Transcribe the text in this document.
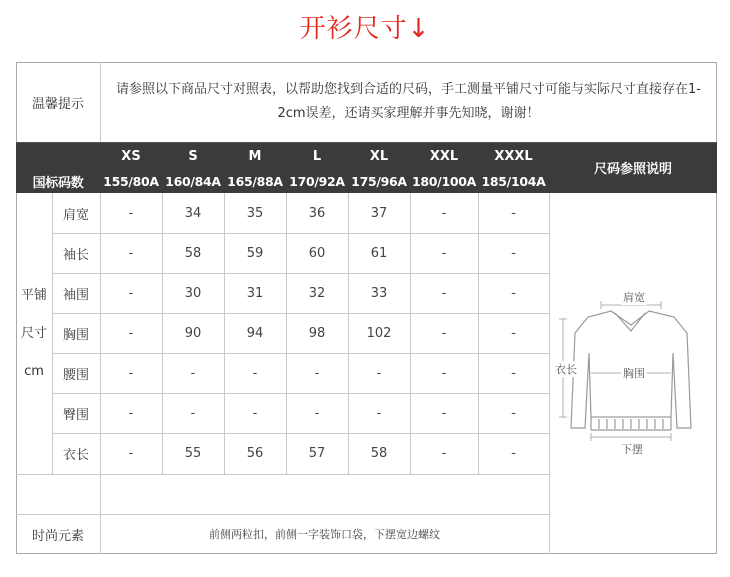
开衫尺寸↓
温馨提示
请参照以下商品尺寸对照表，以帮助您找到合适的尺码，手工测量平铺尺寸可能与实际尺寸直接存在1-2cm误差，还请买家理解并事先知晓，谢谢！
尺码参照说明
国标码数
XS	S	M	L	XL	XXL	XXXL
155/80A 160/84A 165/88A 170/92A 175/96A 180/100A 185/104A
平铺
尺寸
cm
肩宽	-	34	35	36	37	-	-
袖长	-	58	59	60	61	-	-
袖围	-	30	31	32	33	-	-
胸围	-	90	94	98	102	-	-
腰围	-	-	-	-	-	-	-
臀围	-	-	-	-	-	-	-
衣长	-	55	56	57	58	-	-
肩宽
衣长	胸围
下摆
时尚元素	前侧两粒扣，前侧一字装饰口袋，下摆宽边螺纹
